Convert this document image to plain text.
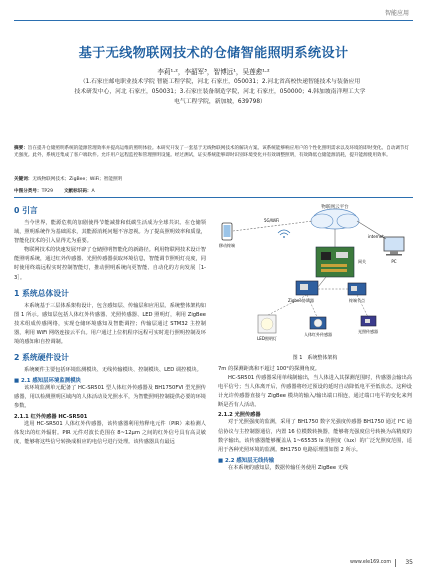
智能应用
基于无线物联网技术的仓储智能照明系统设计
李莉¹·²，李韶军³，智博远¹，吴莲愈¹·²
（1.石家庄邮电职业技术学院 智能工程学院，河北 石家庄，050031；2.河北省高校快递智能技术与装备应用
技术研发中心，河北 石家庄，050031；3.石家庄装备制造学院，河北 石家庄，050000；4.韩加坡南洋理工大学
电气工程学院，新加坡，639798）
摘要：旨在提升仓储照明系统的能源管理效率并提高运维的照明体验。本研究开发了一套基于无线物联网技术的解决方案。该系统能够响应用户的个性化照明需求以及环境的即时变化。自动调节灯光强度。此外，系统还集成了客户端软件。允许用户远程监控和管理照明设施。经过测试，证实系统能够即时识别环境变化并有效调整照明，有效降低仓储能源消耗，提升能源使用效率。
关键词：无线物联网技术；ZigBee；WiFi；智能照明
中图分类号：TP29 文献标识码：A
0 引言
当今世界，能源危机的加剧使得节能减排和低碳生活成为全球共识。在仓储领域，照明系统作为基础需求，其能源消耗问题不容忽视。为了提高照明效率和质量，智能化技术的引入显得尤为重要。
物联网技术的快速发展开辟了仓储照明智能化的新路径。利用物联网技术设计智能照明系统，通过红外传感器、光照传感器获取环境信息，智能调节照明灯亮度，同时使用终端远程实时控制智能灯，推动照明系统向更智能、自动化的方向发展［1-3］。
1 系统总体设计
本系统基于三层体系架构设计，包含感知层、传输层和应用层。系统整体架构如图 1 所示。感知层包括人体红外传感器、光照传感器、LED 照明灯，利用 ZigBee 技术组成传感网络，实现仓储环境感知及智能调控；传输层通过 STM32 主控制器，利用 WiFi 网络连接云平台。用户通过上位机程序远程可实时进行照明控制及环境的感知和自控调制。
2 系统硬件设计
系统硬件主要包括环境监测模块、无线传输模块、控制模块、LED 调控模块。
■ 2.1 感知层环境监测模块
该环境监测单元配备了 HC-SR501 型人体红外传感器及 BH1750FVI 型光照传感器，用以检测照明区域内的人体活动及光照水平，为智能照明控制提供必要的环境参数。
2.1.1 红外传感器 HC-SR501
选用 HC-SR501 人体红外传感器，该传感器利用热释电元件（PIR）来检测人体发出的红外辐射。PIR 元件对波长范围在 8~12μm 之间的红外信号具有高灵敏度，能够将这些信号转换成相应的电信号进行处理。该传感器具有最远
物联网云平台
移动终端
5G/WiFi
PC
internet
网关
Zigbee协调器	终端节点
LED照明灯
人体红外传感器
光照传感器
图 1　系统整体架构
7m 的探测距离和不超过 100°的探测角度。
HC-SR501 传感器采用单线制输出，当人体进入其探测范围时，传感器会输出高电平信号；当人体离开后，传感器将经过预设的延时自动降低电平至低状态。这种设计允许传感器直接与 ZigBee 模块的输入/输出端口相连，通过端口电平的变化来判断是否有人活动。
2.1.2 光照传感器
对于光照强度的监测，采用了 BH1750 数字光强度传感器 BH1750 通过 I²C 通信协议与主控制器通信，内置 16 位模数转换器，能够将光强度信号转换为高精度的数字输出。该传感器能够覆盖从 1~65535 lx 的照度（lux）的广泛光照度范围，适用于各种光照环境的监测。BH1750 电路原理图如图 2 所示。
■ 2.2 感知层无线传输
在本系统的感知层，数据传输任务使用 ZigBee 无线
www.ele169.com 35
